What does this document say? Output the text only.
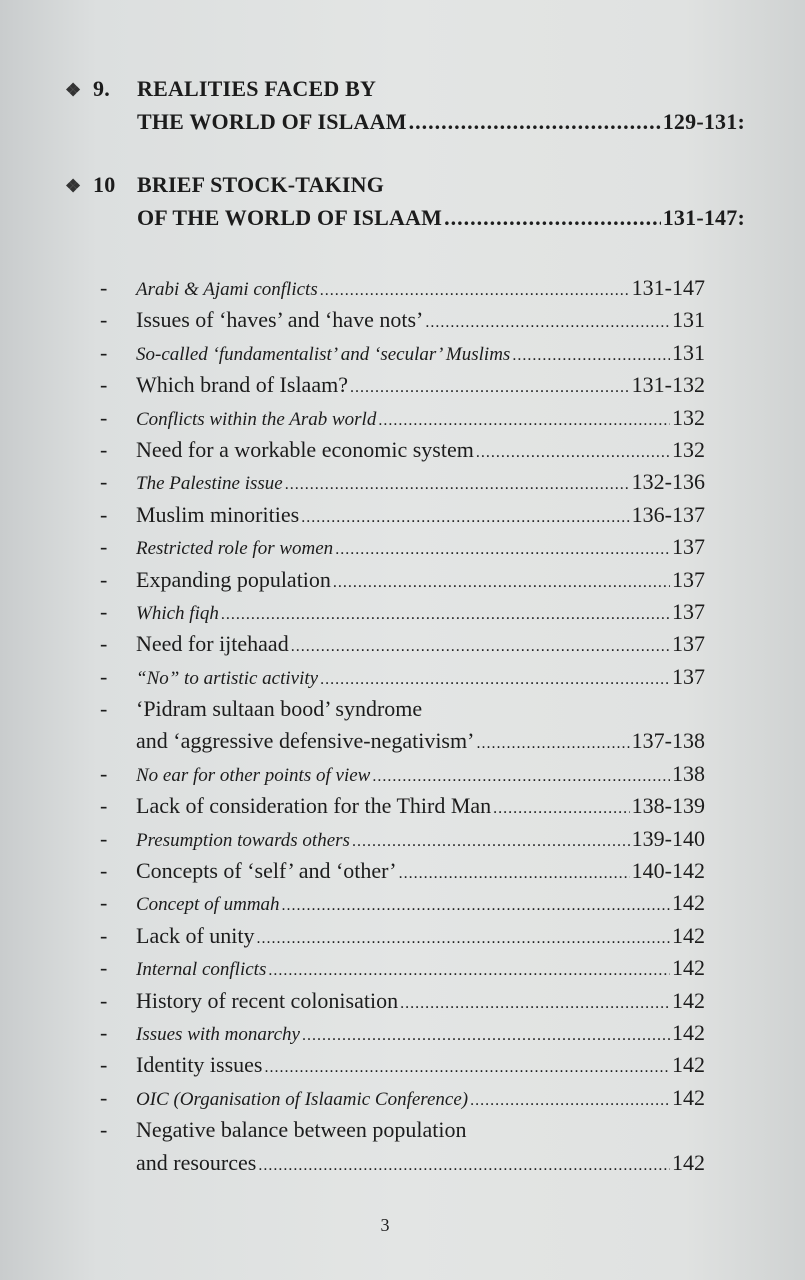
❖ 9.	REALITIES FACED BY
THE WORLD OF ISLAAM .....	129-131:
❖ 10 BRIEF STOCK-TAKING
OF THE WORLD OF ISLAAM .....	131-147:
-	Arabi & Ajami conflicts .....	131-147
-	Issues of ‘haves’ and ‘have nots’ .....	131
-	So-called ‘fundamentalist’ and ‘secular’ Muslims .....	131
-	Which brand of Islaam? .....	131-132
-	Conflicts within the Arab world .....	132
-	Need for a workable economic system .....	132
-	The Palestine issue .....	132-136
-	Muslim minorities .....	136-137
-	Restricted role for women .....	137
-	Expanding population .....	137
-	Which fiqh .....	137
-	Need for ijtehaad .....	137
-	“No” to artistic activity .....	137
-	‘Pidram sultaan bood’ syndrome
and ‘aggressive defensive-negativism’ .....	137-138
-	No ear for other points of view .....	138
-	Lack of consideration for the Third Man .....	138-139
-	Presumption towards others .....	139-140
-	Concepts of ‘self’ and ‘other’ .....	140-142
-	Concept of ummah .....	142
-	Lack of unity .....	142
-	Internal conflicts .....	142
-	History of recent colonisation .....	142
-	Issues with monarchy .....	142
-	Identity issues .....	142
-	OIC (Organisation of Islaamic Conference) .....	142
-	Negative balance between population
and resources .....	142
3
